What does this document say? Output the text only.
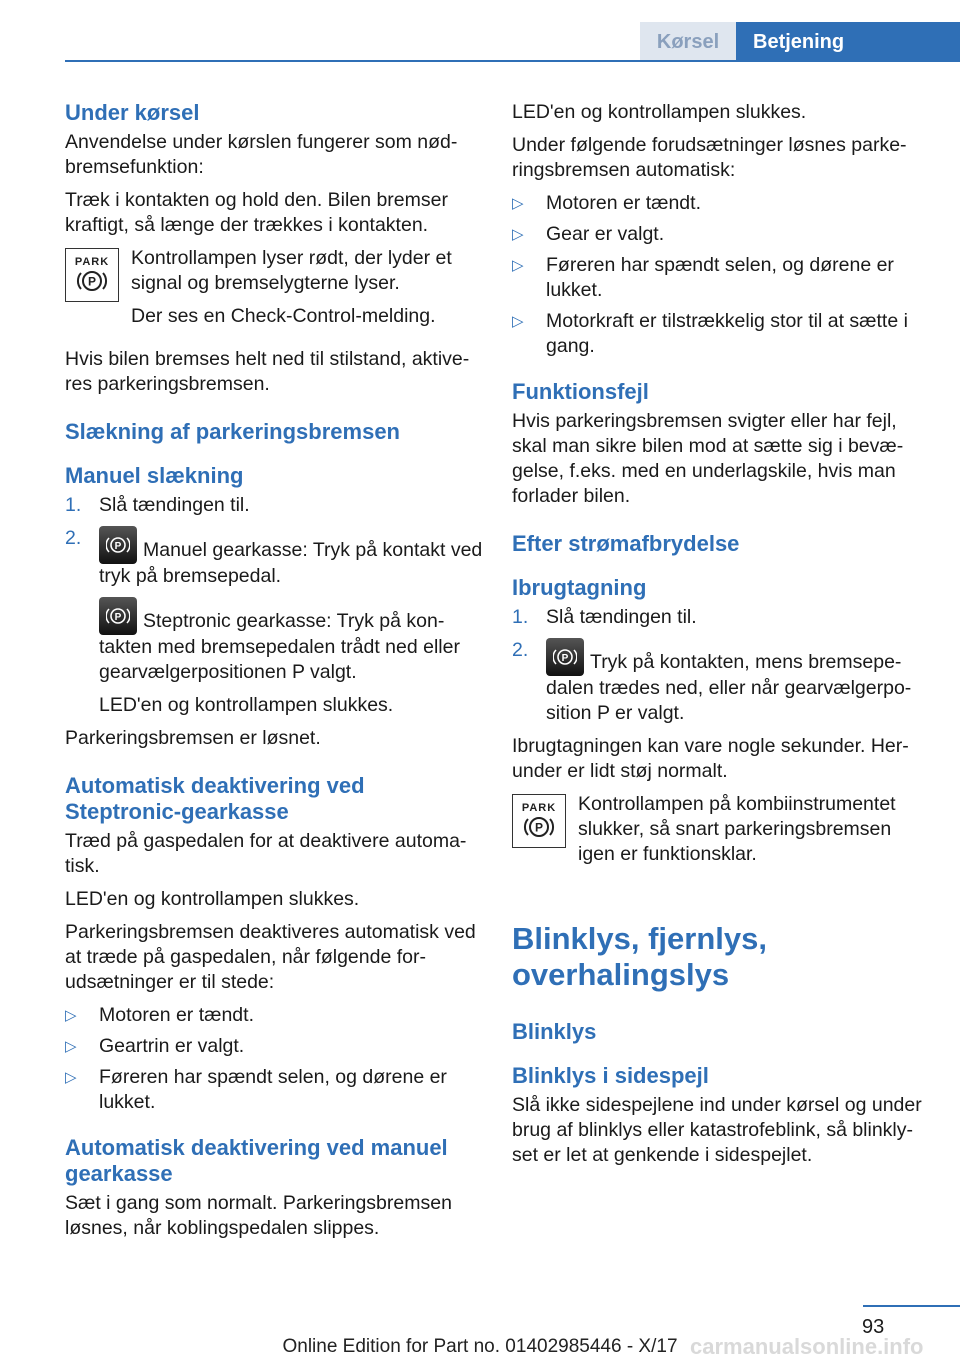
Kørsel	Betjening
Under kørsel

Anvendelse under kørslen fungerer som nød-bremsefunktion:

Træk i kontakten og hold den. Bilen bremser kraftigt, så længe der trækkes i kontakten.

PARK
P

Kontrollampen lyser rødt, der lyder et signal og bremselygterne lyser.

Der ses en Check-Control-melding.

Hvis bilen bremses helt ned til stilstand, aktive-res parkeringsbremsen.

Slækning af parkeringsbremsen
Manuel slækning
1. Slå tændingen til.
2.	P Manuel gearkasse: Tryk på kontakt ved tryk på bremsepedal.

P Steptronic gearkasse: Tryk på kon-takten med bremsepedalen trådt ned eller gearvælgerpositionen P valgt.

LED'en og kontrollampen slukkes.

Parkeringsbremsen er løsnet.

Automatisk deaktivering ved Steptronic-gearkasse

Træd på gaspedalen for at deaktivere automa-tisk.

LED'en og kontrollampen slukkes.

Parkeringsbremsen deaktiveres automatisk ved at træde på gaspedalen, når følgende for-udsætninger er til stede:

▷	Motoren er tændt.
▷	Geartrin er valgt.
▷	Føreren har spændt selen, og dørene er lukket.
Automatisk deaktivering ved manuel gearkasse

Sæt i gang som normalt. Parkeringsbremsen løsnes, når koblingspedalen slippes.

LED'en og kontrollampen slukkes.

Under følgende forudsætninger løsnes parke-ringsbremsen automatisk:

▷	Motoren er tændt.
▷	Gear er valgt.
▷	Føreren har spændt selen, og dørene er lukket.
▷	Motorkraft er tilstrækkelig stor til at sætte i gang.
Funktionsfejl

Hvis parkeringsbremsen svigter eller har fejl, skal man sikre bilen mod at sætte sig i bevæ-gelse, f.eks. med en underlagskile, hvis man forlader bilen.

Efter strømafbrydelse
Ibrugtagning
1. Slå tændingen til.
2.	P Tryk på kontakten, mens bremsepe-dalen trædes ned, eller når gearvælgerpo-sition P er valgt.

Ibrugtagningen kan vare nogle sekunder. Her-under er lidt støj normalt.

PARK
P

Kontrollampen på kombiinstrumentet slukker, så snart parkeringsbremsen igen er funktionsklar.

Blinklys, fjernlys, overhalingslys
Blinklys
Blinklys i sidespejl

Slå ikke sidespejlene ind under kørsel og under brug af blinklys eller katastrofeblink, så blinkly-set er let at genkende i sidespejlet.

93
carmanualsonline.info
Online Edition for Part no. 01402985446 - X/17
